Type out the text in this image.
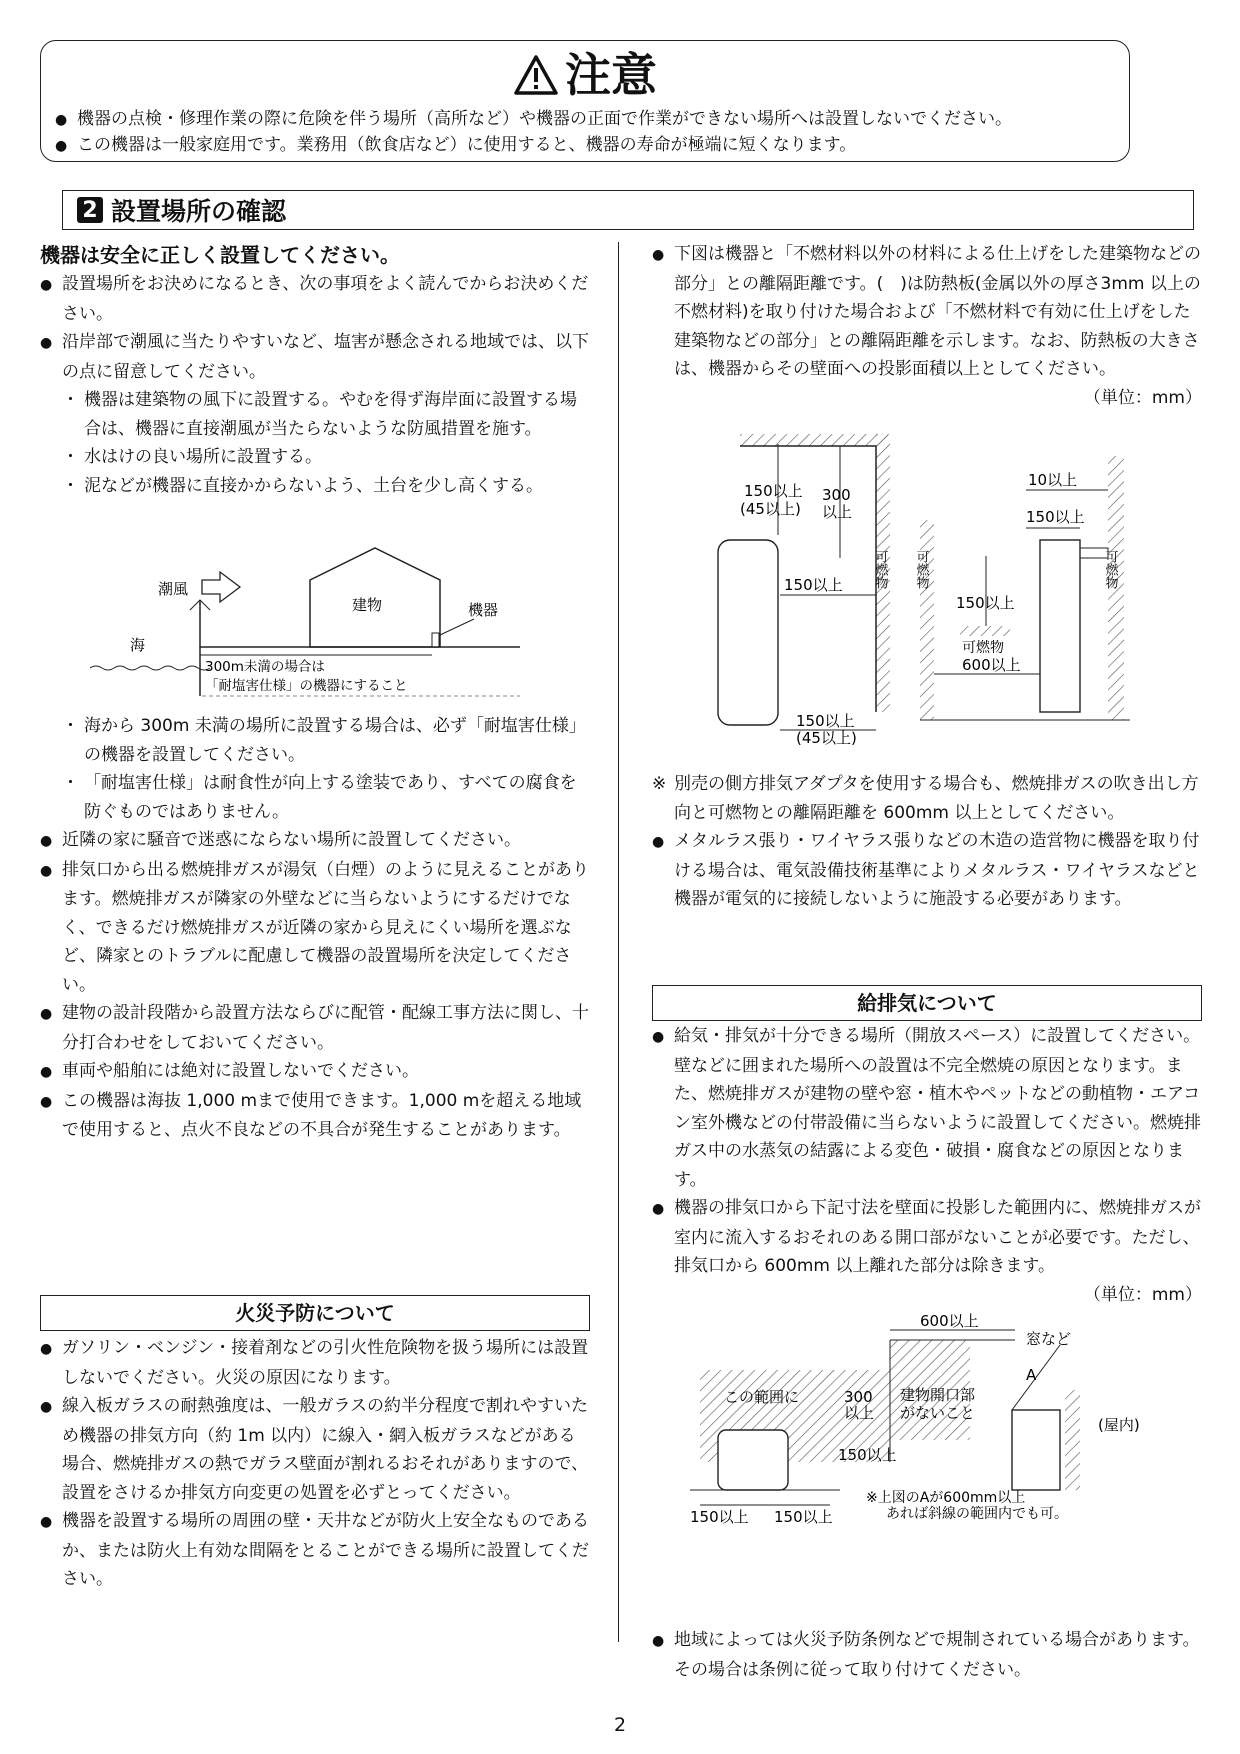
注意
● 機器の点検・修理作業の際に危険を伴う場所（高所など）や機器の正面で作業ができない場所へは設置しないでください。
● この機器は一般家庭用です。業務用（飲食店など）に使用すると、機器の寿命が極端に短くなります。
2 設置場所の確認

機器は安全に正しく設置してください。

● 設置場所をお決めになるとき、次の事項をよく読んでからお決めください。

● 沿岸部で潮風に当たりやすいなど、塩害が懸念される地域では、以下の点に留意してください。

・ 機器は建築物の風下に設置する。やむを得ず海岸面に設置する場合は、機器に直接潮風が当たらないような防風措置を施す。

・ 水はけの良い場所に設置する。

・ 泥などが機器に直接かからないよう、土台を少し高くする。

潮風
建物	機器
海
300m未満の場合は
「耐塩害仕様」の機器にすること

・ 海から 300m 未満の場所に設置する場合は、必ず「耐塩害仕様」の機器を設置してください。

・ 「耐塩害仕様」は耐食性が向上する塗装であり、すべての腐食を防ぐものではありません。

● 近隣の家に騒音で迷惑にならない場所に設置してください。

● 排気口から出る燃焼排ガスが湯気（白煙）のように見えることがあります。燃焼排ガスが隣家の外壁などに当らないようにするだけでなく、できるだけ燃焼排ガスが近隣の家から見えにくい場所を選ぶなど、隣家とのトラブルに配慮して機器の設置場所を決定してください。

● 建物の設計段階から設置方法ならびに配管・配線工事方法に関し、十分打合わせをしておいてください。

● 車両や船舶には絶対に設置しないでください。

● この機器は海抜 1,000 mまで使用できます。1,000 mを超える地域で使用すると、点火不良などの不具合が発生することがあります。

火災予防について

● ガソリン・ベンジン・接着剤などの引火性危険物を扱う場所には設置しないでください。火災の原因になります。

● 線入板ガラスの耐熱強度は、一般ガラスの約半分程度で割れやすいため機器の排気方向（約 1m 以内）に線入・網入板ガラスなどがある場合、燃焼排ガスの熱でガラス壁面が割れるおそれがありますので、設置をさけるか排気方向変更の処置を必ずとってください。

● 機器を設置する場所の周囲の壁・天井などが防火上安全なものであるか、または防火上有効な間隔をとることができる場所に設置してください。

● 下図は機器と「不燃材料以外の材料による仕上げをした建築物などの部分」との離隔距離です。(　)は防熱板(金属以外の厚さ3mm 以上の不燃材料)を取り付けた場合および「不燃材料で有効に仕上げをした建築物などの部分」との離隔距離を示します。なお、防熱板の大きさは、機器からその壁面への投影面積以上としてください。

（単位：mm）

150以上
(45以上)
300
以上
150以上 可燃物
150以上
(45以上)
可燃物	可燃物
10以上
150以上
150以上
可燃物
600以上

※ 別売の側方排気アダプタを使用する場合も、燃焼排ガスの吹き出し方向と可燃物との離隔距離を 600mm 以上としてください。

● メタルラス張り・ワイヤラス張りなどの木造の造営物に機器を取り付ける場合は、電気設備技術基準によりメタルラス・ワイヤラスなどと機器が電気的に接続しないように施設する必要があります。

給排気について

● 給気・排気が十分できる場所（開放スペース）に設置してください。壁などに囲まれた場所への設置は不完全燃焼の原因となります。また、燃焼排ガスが建物の壁や窓・植木やペットなどの動植物・エアコン室外機などの付帯設備に当らないように設置してください。燃焼排ガス中の水蒸気の結露による変色・破損・腐食などの原因となります。

● 機器の排気口から下記寸法を壁面に投影した範囲内に、燃焼排ガスが室内に流入するおそれのある開口部がないことが必要です。ただし、排気口から 600mm 以上離れた部分は除きます。

（単位：mm）

600以上
窓など
この範囲に	建物開口部
がないこと
300
以上
150以上
A
(屋内)
150以上 150以上
※上図のAが600mm以上
あれば斜線の範囲内でも可。

● 地域によっては火災予防条例などで規制されている場合があります。その場合は条例に従って取り付けてください。

2
